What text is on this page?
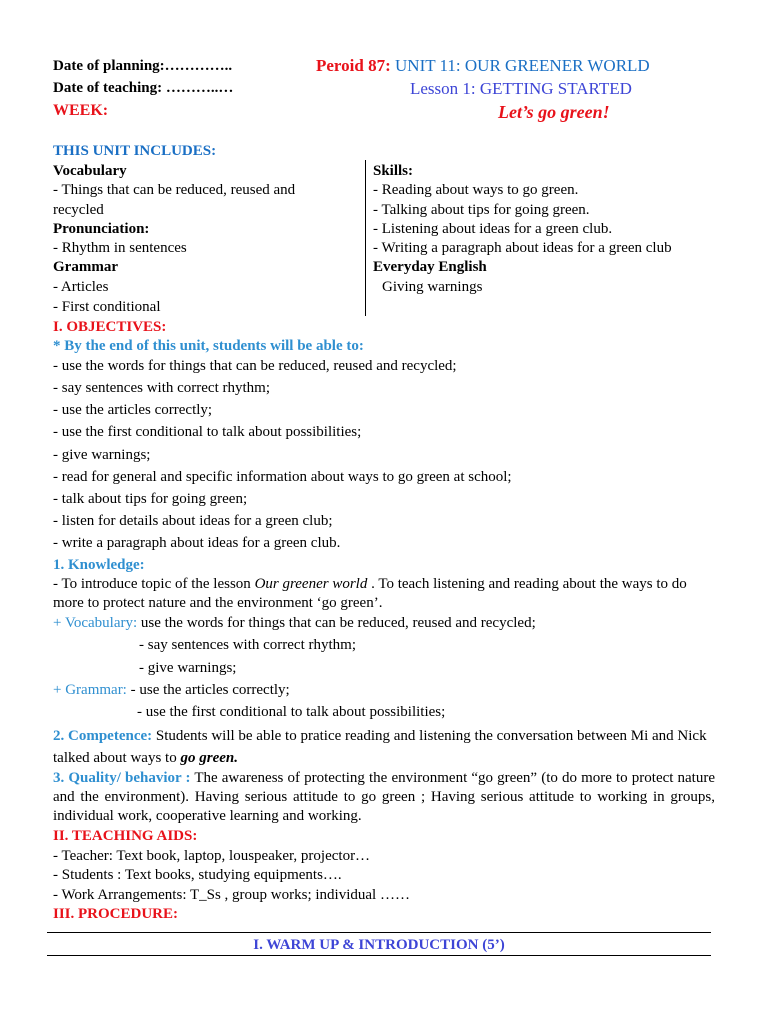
Date of planning:…………..
Date of teaching: ………..…
WEEK:
Peroid 87: UNIT 11: OUR GREENER WORLD
Lesson 1: GETTING STARTED
Let’s go green!
THIS UNIT INCLUDES:
Vocabulary
- Things that can be reduced, reused and
recycled
Pronunciation:
- Rhythm in sentences
Grammar
- Articles
- First conditional
Skills:
- Reading about ways to go green.
- Talking about tips for going green.
- Listening about ideas for a green club.
- Writing a paragraph about ideas for a green club
Everyday English
Giving warnings
I. OBJECTIVES:
* By the end of this unit, students will be able to:
- use the words for things that can be reduced, reused and recycled;
- say sentences with correct rhythm;
- use the articles correctly;
- use the first conditional to talk about possibilities;
- give warnings;
- read for general and specific information about ways to go green at school;
- talk about tips for going green;
- listen for details about ideas for a green club;
- write a paragraph about ideas for a green club.
1. Knowledge:
- To introduce topic of the lesson Our greener world . To teach listening and reading about the ways to do more to protect nature and the environment ‘go green’.
+ Vocabulary: use the words for things that can be reduced, reused and recycled;
- say sentences with correct rhythm;
- give warnings;
+ Grammar: - use the articles correctly;
- use the first conditional to talk about possibilities;
2. Competence: Students will be able to pratice reading and listening the conversation between Mi and Nick talked about ways to go green.
3. Quality/ behavior : The awareness of protecting the environment “go green” (to do more to protect nature and the environment). Having serious attitude to go green ; Having serious attitude to working in groups, individual work, cooperative learning and working.
II. TEACHING AIDS:
- Teacher: Text book, laptop, louspeaker, projector…
- Students : Text books, studying equipments….
- Work Arrangements: T_Ss , group works; individual ……
III. PROCEDURE:
I. WARM UP & INTRODUCTION (5’)
